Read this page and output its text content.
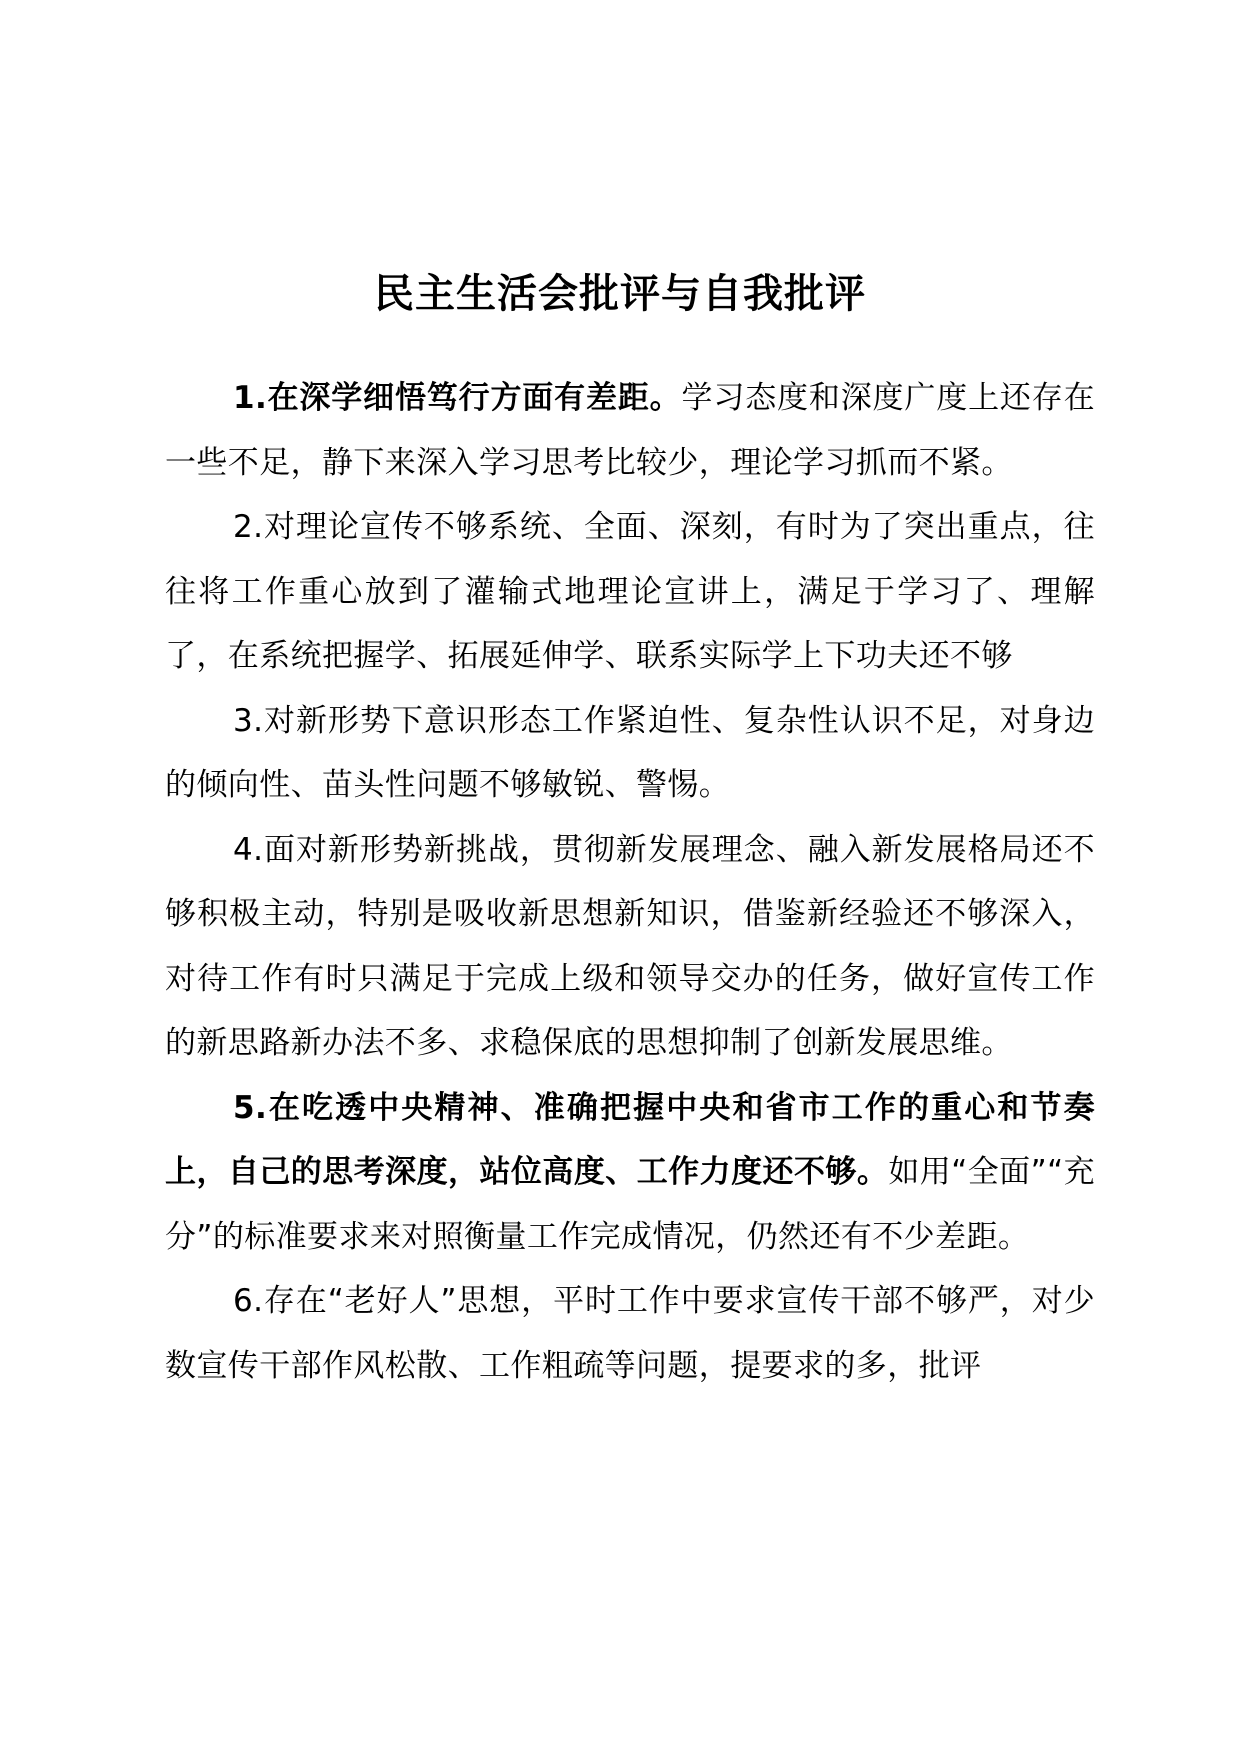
民主生活会批评与自我批评

1.在深学细悟笃行方面有差距。学习态度和深度广度上还存在一些不足，静下来深入学习思考比较少，理论学习抓而不紧。

2.对理论宣传不够系统、全面、深刻，有时为了突出重点，往往将工作重心放到了灌输式地理论宣讲上，满足于学习了、理解了，在系统把握学、拓展延伸学、联系实际学上下功夫还不够

3.对新形势下意识形态工作紧迫性、复杂性认识不足，对身边的倾向性、苗头性问题不够敏锐、警惕。

4.面对新形势新挑战，贯彻新发展理念、融入新发展格局还不够积极主动，特别是吸收新思想新知识，借鉴新经验还不够深入，对待工作有时只满足于完成上级和领导交办的任务，做好宣传工作的新思路新办法不多、求稳保底的思想抑制了创新发展思维。

5.在吃透中央精神、准确把握中央和省市工作的重心和节奏上，自己的思考深度，站位高度、工作力度还不够。如用“全面”“充分”的标准要求来对照衡量工作完成情况，仍然还有不少差距。

6.存在“老好人”思想，平时工作中要求宣传干部不够严，对少数宣传干部作风松散、工作粗疏等问题，提要求的多，批评
